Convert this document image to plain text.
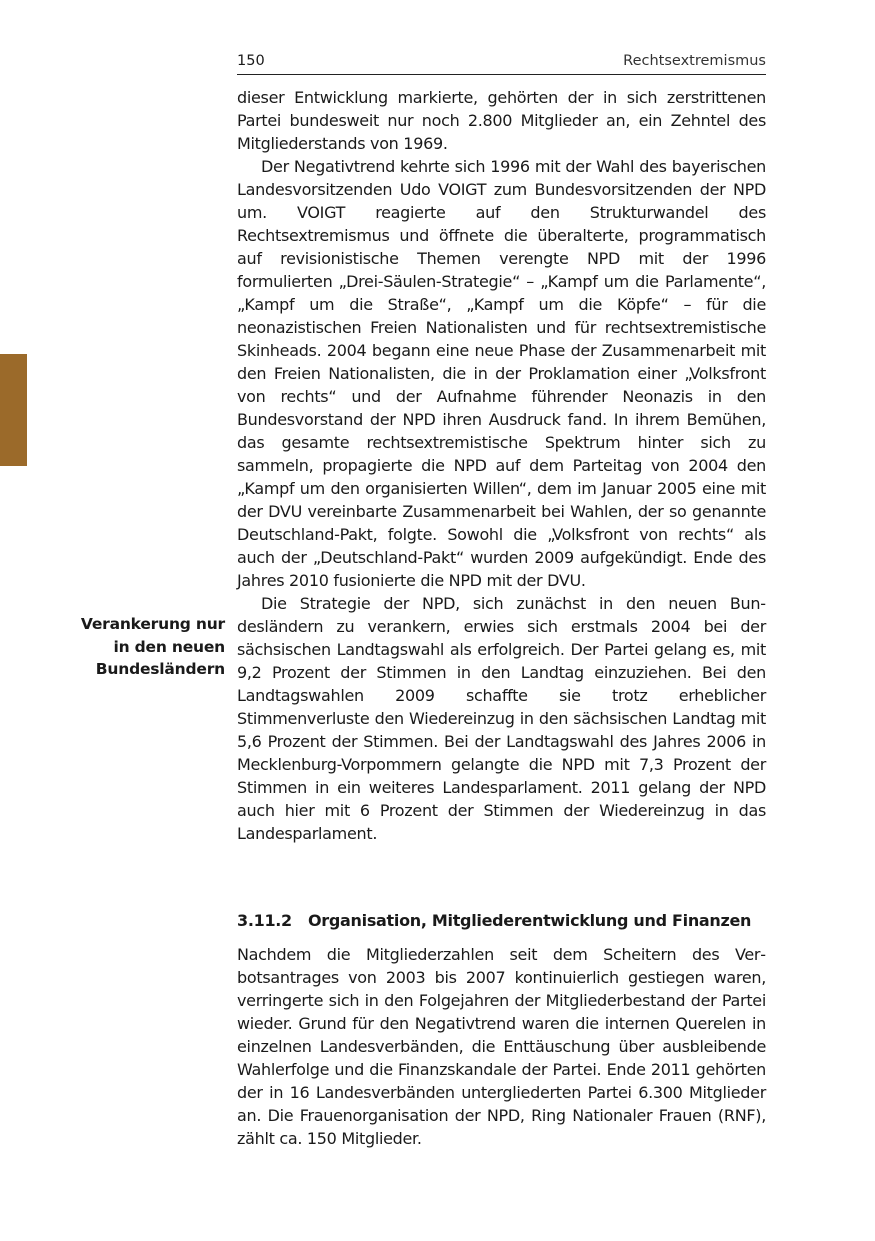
150	Rechtsextremismus

dieser Entwicklung markierte, gehörten der in sich zerstrittenen Partei bundesweit nur noch 2.800 Mitglieder an, ein Zehntel des Mitgliederstands von 1969.

Der Negativtrend kehrte sich 1996 mit der Wahl des bayerischen Landesvorsitzenden Udo VOIGT zum Bundesvorsitzenden der NPD um. VOIGT reagierte auf den Strukturwandel des Rechtsextremismus und öffnete die überalterte, programmatisch auf revisionistische Themen verengte NPD mit der 1996 formulierten „Drei-Säulen-Strategie“ – „Kampf um die Parlamente“, „Kampf um die Straße“, „Kampf um die Köpfe“ – für die neonazistischen Freien Nationalisten und für rechtsextremistische Skinheads. 2004 begann eine neue Phase der Zusammenarbeit mit den Freien Nationalisten, die in der Proklamation einer „Volksfront von rechts“ und der Aufnahme führender Neonazis in den Bundesvorstand der NPD ihren Ausdruck fand. In ihrem Bemühen, das gesamte rechtsextremistische Spektrum hinter sich zu sammeln, propagierte die NPD auf dem Parteitag von 2004 den „Kampf um den organisierten Willen“, dem im Januar 2005 eine mit der DVU vereinbarte Zusammenarbeit bei Wahlen, der so genannte Deutschland-Pakt, folgte. Sowohl die „Volksfront von rechts“ als auch der „Deutschland-Pakt“ wurden 2009 aufgekündigt. Ende des Jahres 2010 fusionierte die NPD mit der DVU.

Die Strategie der NPD, sich zunächst in den neuen Bundesländern zu verankern, erwies sich erstmals 2004 bei der sächsischen Landtagswahl als erfolgreich. Der Partei gelang es, mit 9,2 Prozent der Stimmen in den Landtag einzuziehen. Bei den Landtagswahlen 2009 schaffte sie trotz erheblicher Stimmenverluste den Wiedereinzug in den sächsischen Landtag mit 5,6 Prozent der Stimmen. Bei der Landtagswahl des Jahres 2006 in Mecklenburg-Vorpommern gelangte die NPD mit 7,3 Prozent der Stimmen in ein weiteres Landesparlament. 2011 gelang der NPD auch hier mit 6 Prozent der Stimmen der Wiedereinzug in das Landesparlament.

Verankerung nur
in den neuen
Bundesländern
3.11.2 Organisation, Mitgliederentwicklung und Finanzen

Nachdem die Mitgliederzahlen seit dem Scheitern des Verbotsantrages von 2003 bis 2007 kontinuierlich gestiegen waren, verringerte sich in den Folgejahren der Mitgliederbestand der Partei wieder. Grund für den Negativtrend waren die internen Querelen in einzelnen Landesverbänden, die Enttäuschung über ausbleibende Wahlerfolge und die Finanzskandale der Partei. Ende 2011 gehörten der in 16 Landesverbänden untergliederten Partei 6.300 Mitglieder an. Die Frauenorganisation der NPD, Ring Nationaler Frauen (RNF), zählt ca. 150 Mitglieder.
